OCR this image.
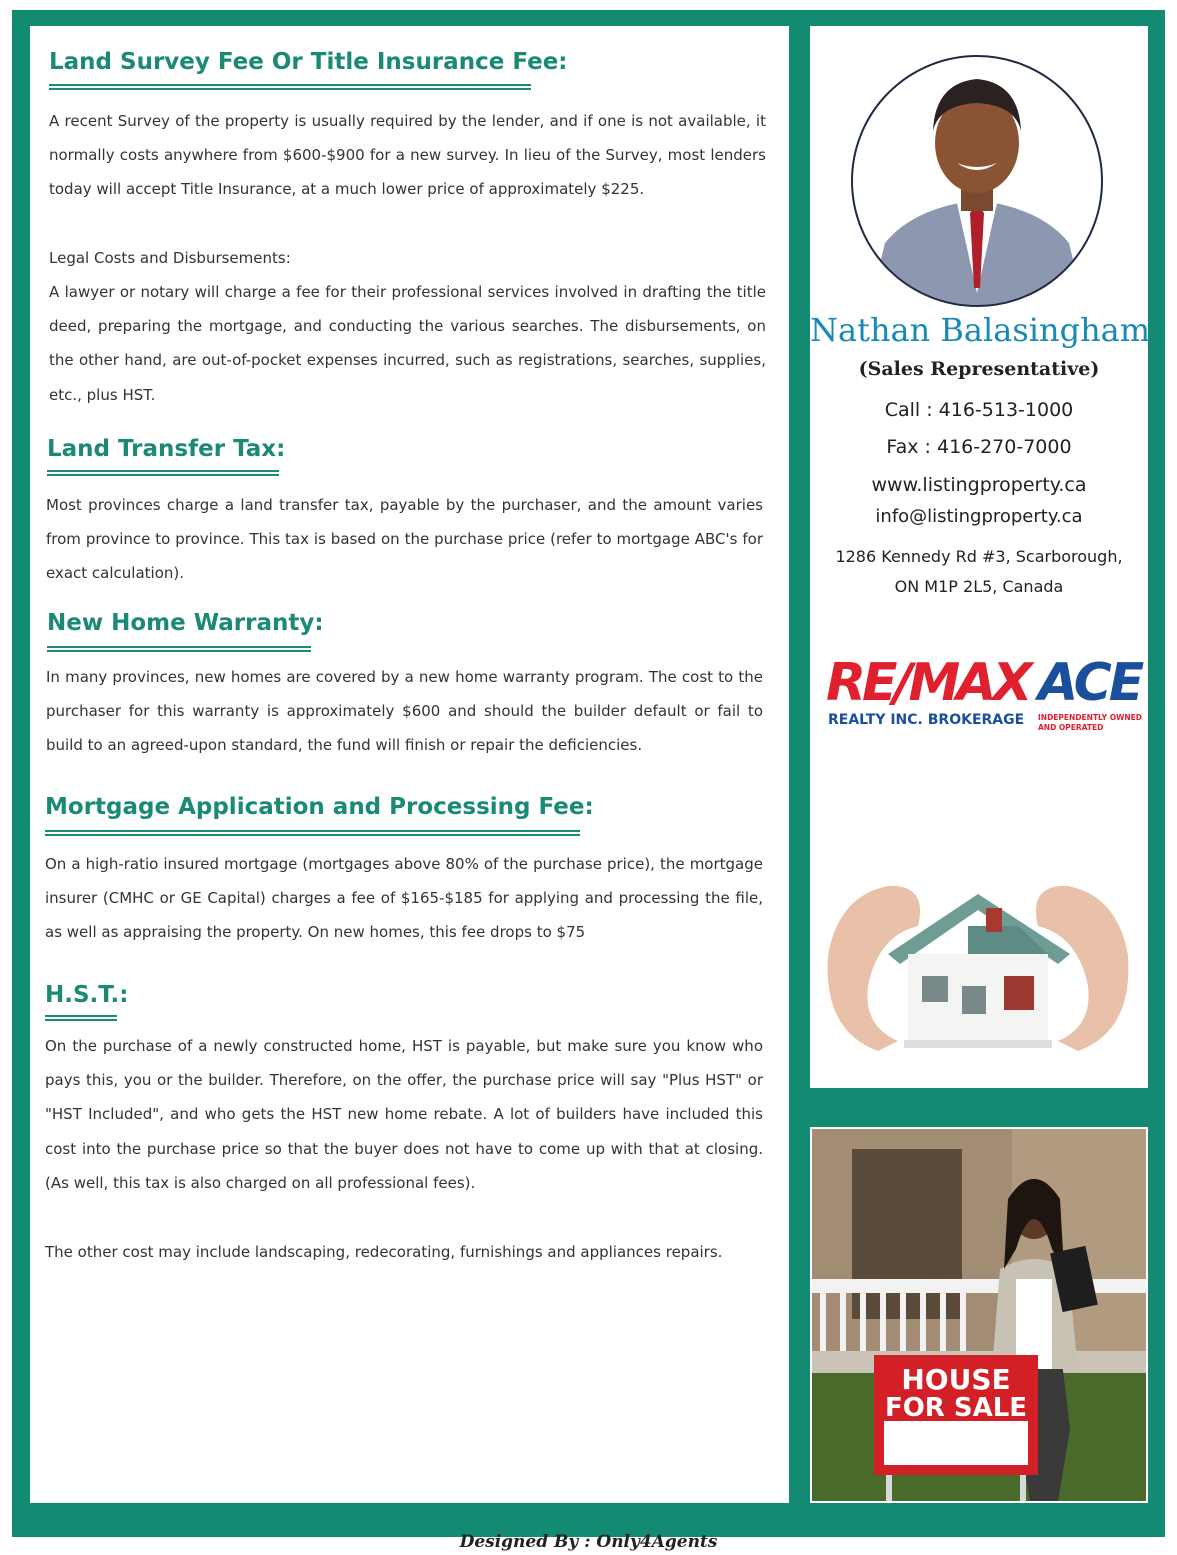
Land Survey Fee Or Title Insurance Fee:

A recent Survey of the property is usually required by the lender, and if one is not available, it normally costs anywhere from $600-$900 for a new survey. In lieu of the Survey, most lenders today will accept Title Insurance, at a much lower price of approximately $225.

Legal Costs and Disbursements:

A lawyer or notary will charge a fee for their professional services involved in drafting the title deed, preparing the mortgage, and conducting the various searches. The disbursements, on the other hand, are out-of-pocket expenses incurred, such as registrations, searches, supplies, etc., plus HST.

Land Transfer Tax:

Most provinces charge a land transfer tax, payable by the purchaser, and the amount varies from province to province. This tax is based on the purchase price (refer to mortgage ABC's for exact calculation).

New Home Warranty:

In many provinces, new homes are covered by a new home warranty program. The cost to the purchaser for this warranty is approximately $600 and should the builder default or fail to build to an agreed-upon standard, the fund will finish or repair the deficiencies.

Mortgage Application and Processing Fee:

On a high-ratio insured mortgage (mortgages above 80% of the purchase price), the mortgage insurer (CMHC or GE Capital) charges a fee of $165-$185 for applying and processing the file, as well as appraising the property. On new homes, this fee drops to $75

H.S.T.:

On the purchase of a newly constructed home, HST is payable, but make sure you know who pays this, you or the builder. Therefore, on the offer, the purchase price will say "Plus HST" or "HST Included", and who gets the HST new home rebate. A lot of builders have included this cost into the purchase price so that the buyer does not have to come up with that at closing. (As well, this tax is also charged on all professional fees).

The other cost may include landscaping, redecorating, furnishings and appliances repairs.

Nathan Balasingham

(Sales Representative)

Call : 416-513-1000

Fax : 416-270-7000

www.listingproperty.ca

info@listingproperty.ca

1286 Kennedy Rd #3, Scarborough,

ON M1P 2L5, Canada

RE/MAX ACE
REALTY INC. BROKERAGE INDEPENDENTLY OWNED
AND OPERATED
HOUSE
FOR SALE

Designed By : Only4Agents
